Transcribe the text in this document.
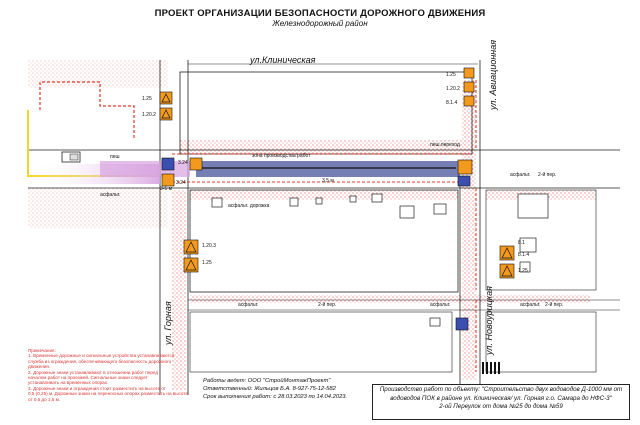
ПРОЕКТ ОРГАНИЗАЦИИ БЕЗОПАСНОСТИ ДОРОЖНОГО ДВИЖЕНИЯ
Железнодорожный район
ул.Клиническая	ул. Авиационная
ул. Горная	ул. Новоурицкая
2-й пер.
2-й пер.	2-й пер.
асфальт.
асфальт.
асфальт.	асфальт.	асфальт.
асфальт. дорожка
зона производства работ
пеш.переход
3,5 м
3-5 м
пеш
1.25
1.20.2
3.24
1.25
1.20.3
1.25
1.20.2
8.1.4
1.25
8.1.4
3.24
8.1
Примечание:
1. Временные дорожные и сигнальные устройства устанавливаются
служба из ограждения, обеспечивающего безопасность дорожного
движения.
2. Дорожные знаки устанавливают в отношении работ перед
началом работ на проезжей. Сигнальные знаки следует
устанавливать на временных опорах.
3. Дорожные знаки и ограждения стоит разместить на высоте от
0,5 (0,25) м. Дорожные знаки на переносных опорах разместить на высоте
от 0,6 до 1,5 м.
Работы ведет: ООО "СтройМонтажПроект"
Ответственный: Жильцов Б.А. 8-927-75-12-582
Срок выполнения работ: с 28.03.2023 по 14.04.2023.
Производство работ по объекту: "Строительство двух водоводов Д-1000 мм от
водоводов ПОК в районе ул. Клиническая/ ул. Горная г.о. Самара до НФС-3"
2-ой Переулок от дома №25 до дома №59
